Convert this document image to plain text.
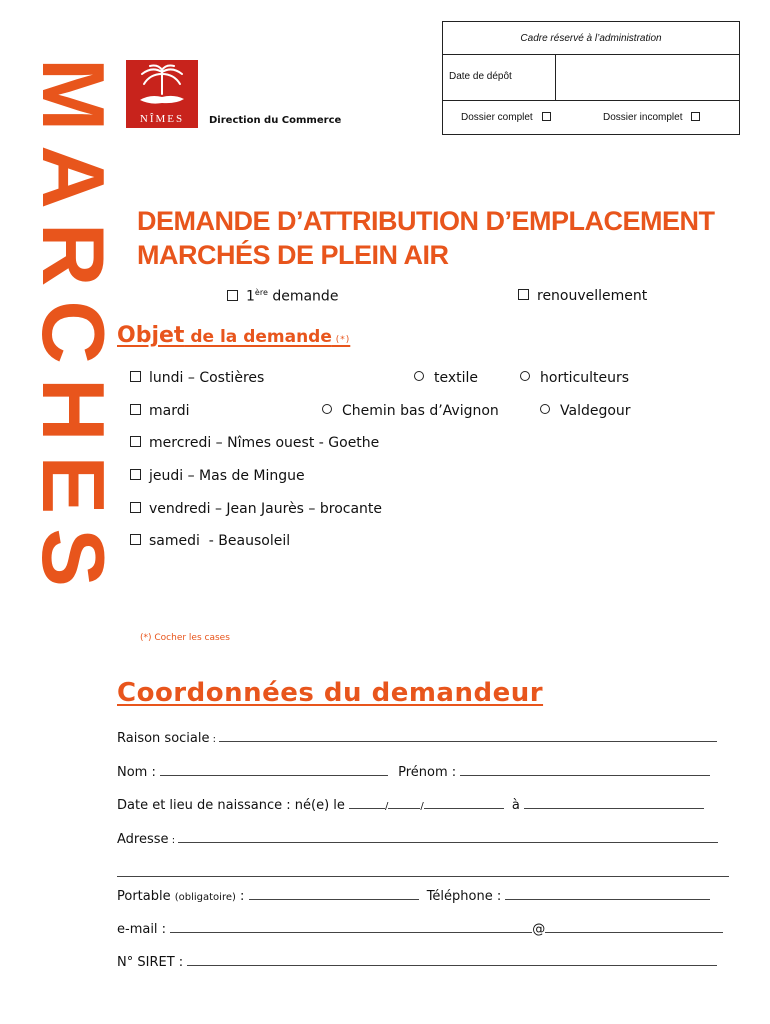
MARCHES	NÎMES	Direction du Commerce
Cadre réservé à l’administration
Date de dépôt
Dossier complet	Dossier incomplet
DEMANDE D’ATTRIBUTION D’EMPLACEMENT
MARCHÉS DE PLEIN AIR
1ère demande	renouvellement
Objet de la demande (*)
lundi – Costières	textile	horticulteurs
mardi	Chemin bas d’Avignon	Valdegour
mercredi – Nîmes ouest - Goethe
jeudi – Mas de Mingue
vendredi – Jean Jaurès – brocante
samedi  - Beausoleil
(*) Cocher les cases
Coordonnées du demandeur
Raison sociale :
Nom :	Prénom :
Date et lieu de naissance : né(e) le	/	/	à
Adresse :
Portable (obligatoire) :	Téléphone :
e-mail :	@
N° SIRET :
